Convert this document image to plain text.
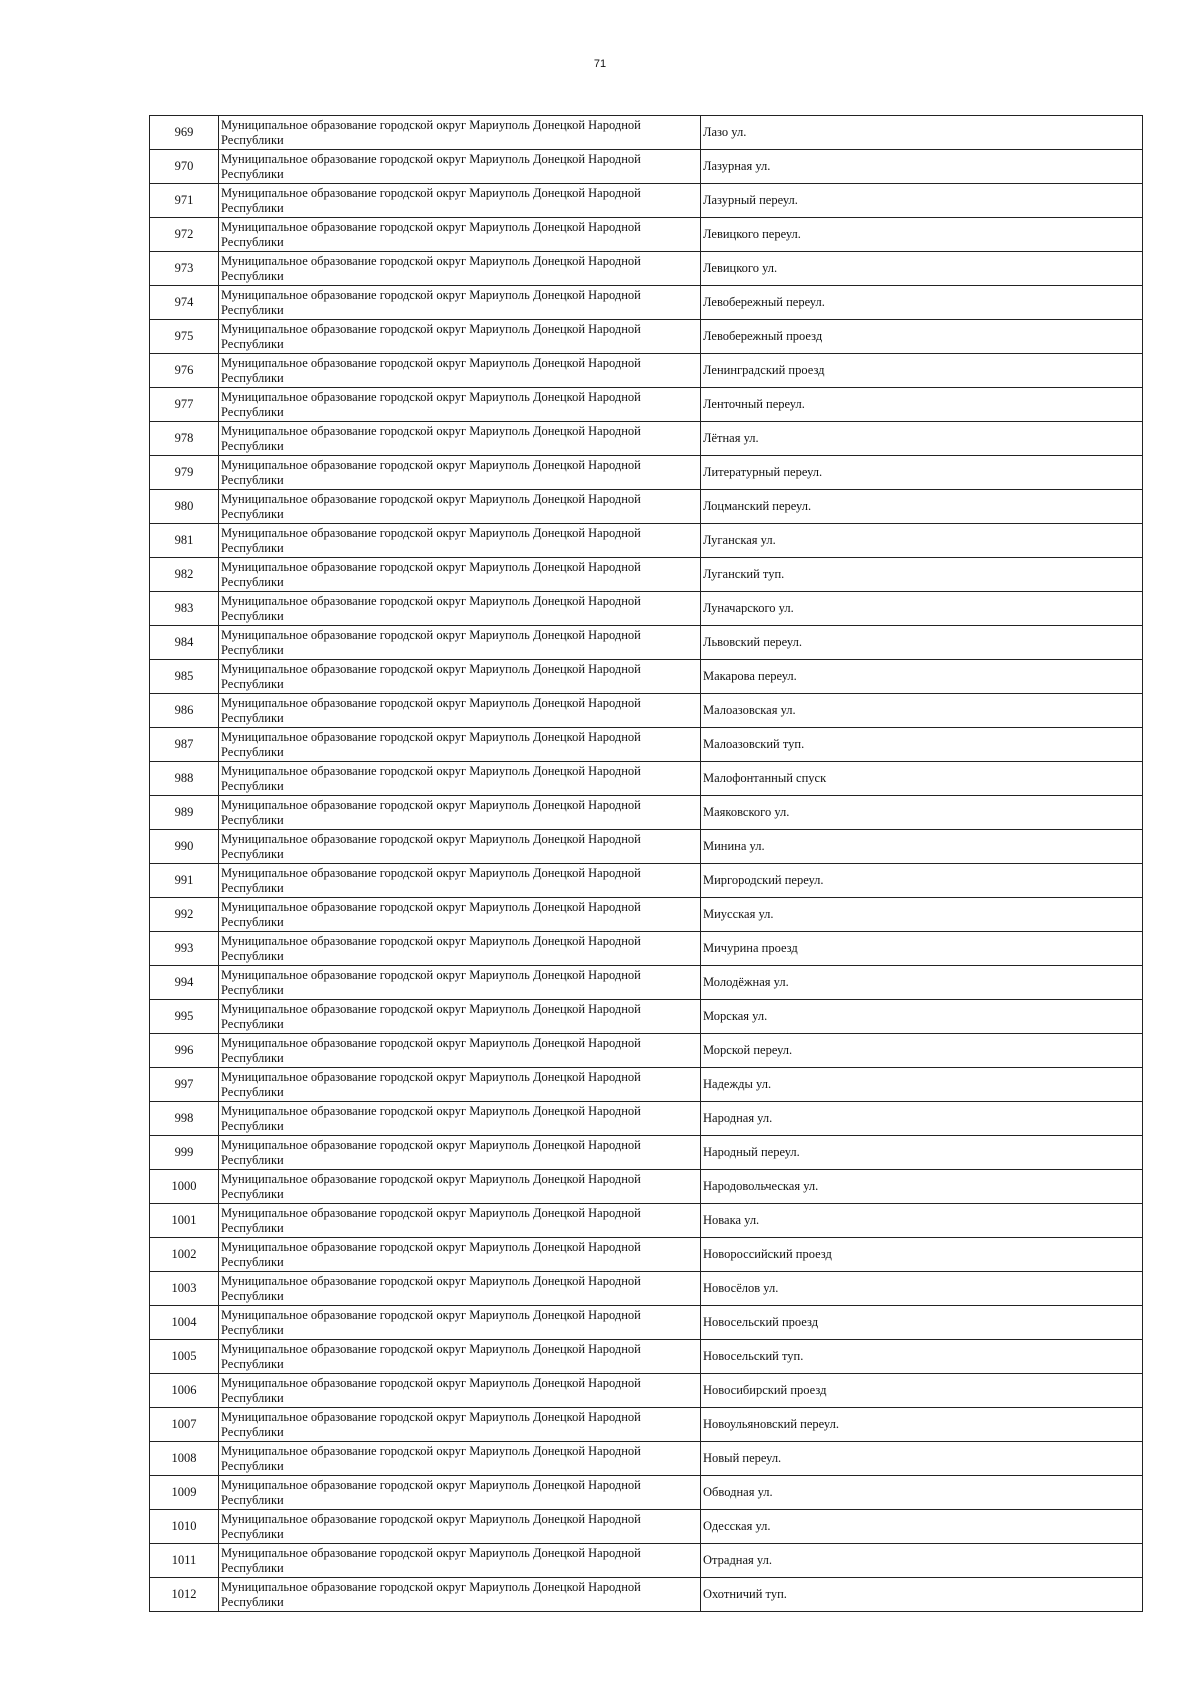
71
969	Муниципальное образование городской округ Мариуполь Донецкой Народной Республики	Лазо ул.
970	Муниципальное образование городской округ Мариуполь Донецкой Народной Республики	Лазурная ул.
971	Муниципальное образование городской округ Мариуполь Донецкой Народной Республики	Лазурный переул.
972	Муниципальное образование городской округ Мариуполь Донецкой Народной Республики	Левицкого переул.
973	Муниципальное образование городской округ Мариуполь Донецкой Народной Республики	Левицкого ул.
974	Муниципальное образование городской округ Мариуполь Донецкой Народной Республики	Левобережный переул.
975	Муниципальное образование городской округ Мариуполь Донецкой Народной Республики	Левобережный проезд
976	Муниципальное образование городской округ Мариуполь Донецкой Народной Республики	Ленинградский проезд
977	Муниципальное образование городской округ Мариуполь Донецкой Народной Республики	Ленточный переул.
978	Муниципальное образование городской округ Мариуполь Донецкой Народной Республики	Лётная ул.
979	Муниципальное образование городской округ Мариуполь Донецкой Народной Республики	Литературный переул.
980	Муниципальное образование городской округ Мариуполь Донецкой Народной Республики	Лоцманский переул.
981	Муниципальное образование городской округ Мариуполь Донецкой Народной Республики	Луганская ул.
982	Муниципальное образование городской округ Мариуполь Донецкой Народной Республики	Луганский туп.
983	Муниципальное образование городской округ Мариуполь Донецкой Народной Республики	Луначарского ул.
984	Муниципальное образование городской округ Мариуполь Донецкой Народной Республики	Львовский переул.
985	Муниципальное образование городской округ Мариуполь Донецкой Народной Республики	Макарова переул.
986	Муниципальное образование городской округ Мариуполь Донецкой Народной Республики	Малоазовская ул.
987	Муниципальное образование городской округ Мариуполь Донецкой Народной Республики	Малоазовский туп.
988	Муниципальное образование городской округ Мариуполь Донецкой Народной Республики	Малофонтанный спуск
989	Муниципальное образование городской округ Мариуполь Донецкой Народной Республики	Маяковского ул.
990	Муниципальное образование городской округ Мариуполь Донецкой Народной Республики	Минина ул.
991	Муниципальное образование городской округ Мариуполь Донецкой Народной Республики	Миргородский переул.
992	Муниципальное образование городской округ Мариуполь Донецкой Народной Республики	Миусская ул.
993	Муниципальное образование городской округ Мариуполь Донецкой Народной Республики	Мичурина проезд
994	Муниципальное образование городской округ Мариуполь Донецкой Народной Республики	Молодёжная ул.
995	Муниципальное образование городской округ Мариуполь Донецкой Народной Республики	Морская ул.
996	Муниципальное образование городской округ Мариуполь Донецкой Народной Республики	Морской переул.
997	Муниципальное образование городской округ Мариуполь Донецкой Народной Республики	Надежды ул.
998	Муниципальное образование городской округ Мариуполь Донецкой Народной Республики	Народная ул.
999	Муниципальное образование городской округ Мариуполь Донецкой Народной Республики	Народный переул.
1000	Муниципальное образование городской округ Мариуполь Донецкой Народной Республики	Народовольческая ул.
1001	Муниципальное образование городской округ Мариуполь Донецкой Народной Республики	Новака ул.
1002	Муниципальное образование городской округ Мариуполь Донецкой Народной Республики	Новороссийский проезд
1003	Муниципальное образование городской округ Мариуполь Донецкой Народной Республики	Новосёлов ул.
1004	Муниципальное образование городской округ Мариуполь Донецкой Народной Республики	Новосельский проезд
1005	Муниципальное образование городской округ Мариуполь Донецкой Народной Республики	Новосельский туп.
1006	Муниципальное образование городской округ Мариуполь Донецкой Народной Республики	Новосибирский проезд
1007	Муниципальное образование городской округ Мариуполь Донецкой Народной Республики	Новоульяновский переул.
1008	Муниципальное образование городской округ Мариуполь Донецкой Народной Республики	Новый переул.
1009	Муниципальное образование городской округ Мариуполь Донецкой Народной Республики	Обводная ул.
1010	Муниципальное образование городской округ Мариуполь Донецкой Народной Республики	Одесская ул.
1011	Муниципальное образование городской округ Мариуполь Донецкой Народной Республики	Отрадная ул.
1012	Муниципальное образование городской округ Мариуполь Донецкой Народной Республики	Охотничий туп.
